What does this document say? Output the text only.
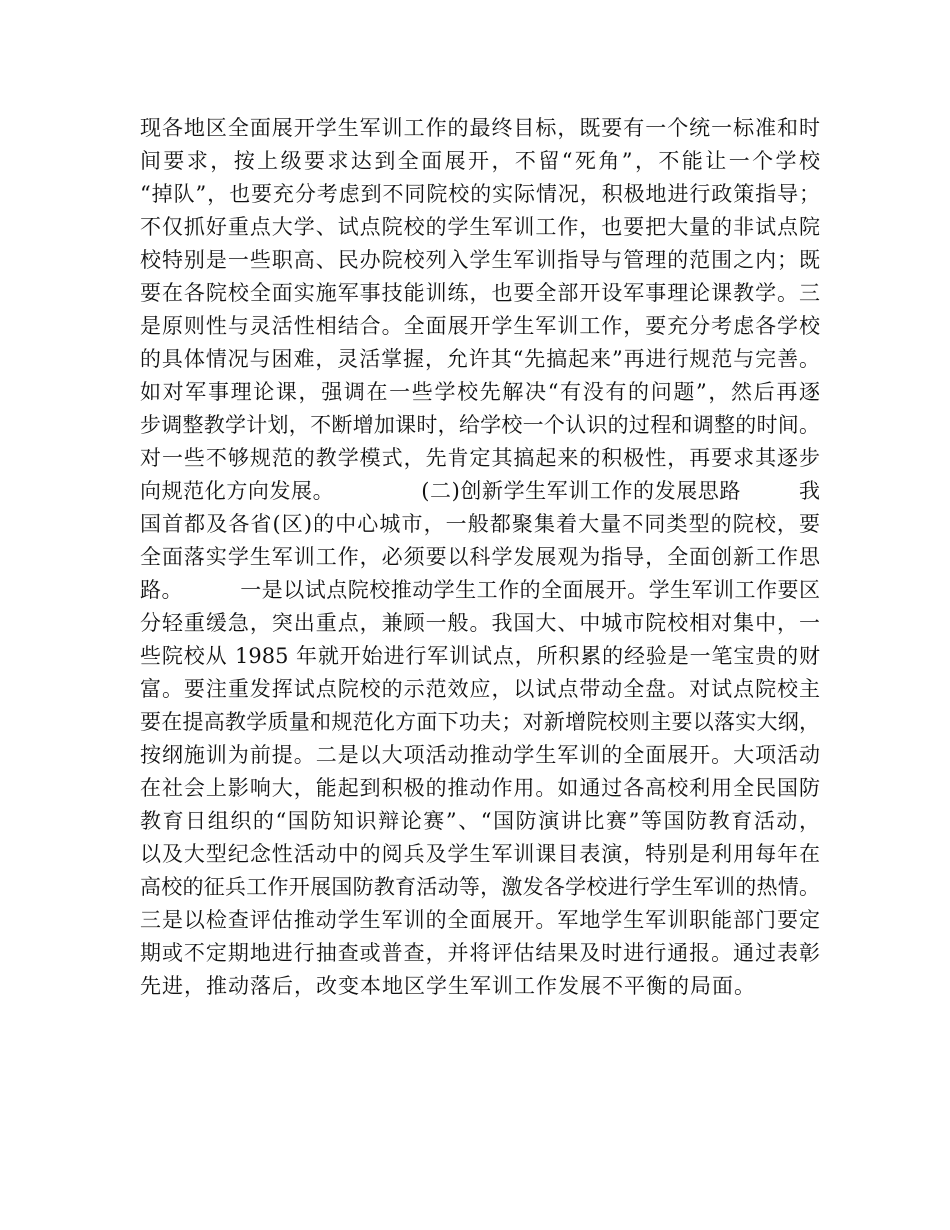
现各地区全面展开学生军训工作的最终目标，既要有一个统一标准和时
间要求，按上级要求达到全面展开，不留“死角”，不能让一个学校
“掉队”，也要充分考虑到不同院校的实际情况，积极地进行政策指导；
不仅抓好重点大学、试点院校的学生军训工作，也要把大量的非试点院
校特别是一些职高、民办院校列入学生军训指导与管理的范围之内；既
要在各院校全面实施军事技能训练，也要全部开设军事理论课教学。三
是原则性与灵活性相结合。全面展开学生军训工作，要充分考虑各学校
的具体情况与困难，灵活掌握，允许其“先搞起来”再进行规范与完善。
如对军事理论课，强调在一些学校先解决“有没有的问题”，然后再逐
步调整教学计划，不断增加课时，给学校一个认识的过程和调整的时间。
对一些不够规范的教学模式，先肯定其搞起来的积极性，再要求其逐步
向规范化方向发展。            (二)创新学生军训工作的发展思路        我
国首都及各省(区)的中心城市，一般都聚集着大量不同类型的院校，要
全面落实学生军训工作，必须要以科学发展观为指导，全面创新工作思
路。        一是以试点院校推动学生工作的全面展开。学生军训工作要区
分轻重缓急，突出重点，兼顾一般。我国大、中城市院校相对集中，一
些院校从 1985 年就开始进行军训试点，所积累的经验是一笔宝贵的财
富。要注重发挥试点院校的示范效应，以试点带动全盘。对试点院校主
要在提高教学质量和规范化方面下功夫；对新增院校则主要以落实大纲，
按纲施训为前提。二是以大项活动推动学生军训的全面展开。大项活动
在社会上影响大，能起到积极的推动作用。如通过各高校利用全民国防
教育日组织的“国防知识辩论赛”、“国防演讲比赛”等国防教育活动，
以及大型纪念性活动中的阅兵及学生军训课目表演，特别是利用每年在
高校的征兵工作开展国防教育活动等，激发各学校进行学生军训的热情。
三是以检查评估推动学生军训的全面展开。军地学生军训职能部门要定
期或不定期地进行抽查或普查，并将评估结果及时进行通报。通过表彰
先进，推动落后，改变本地区学生军训工作发展不平衡的局面。
